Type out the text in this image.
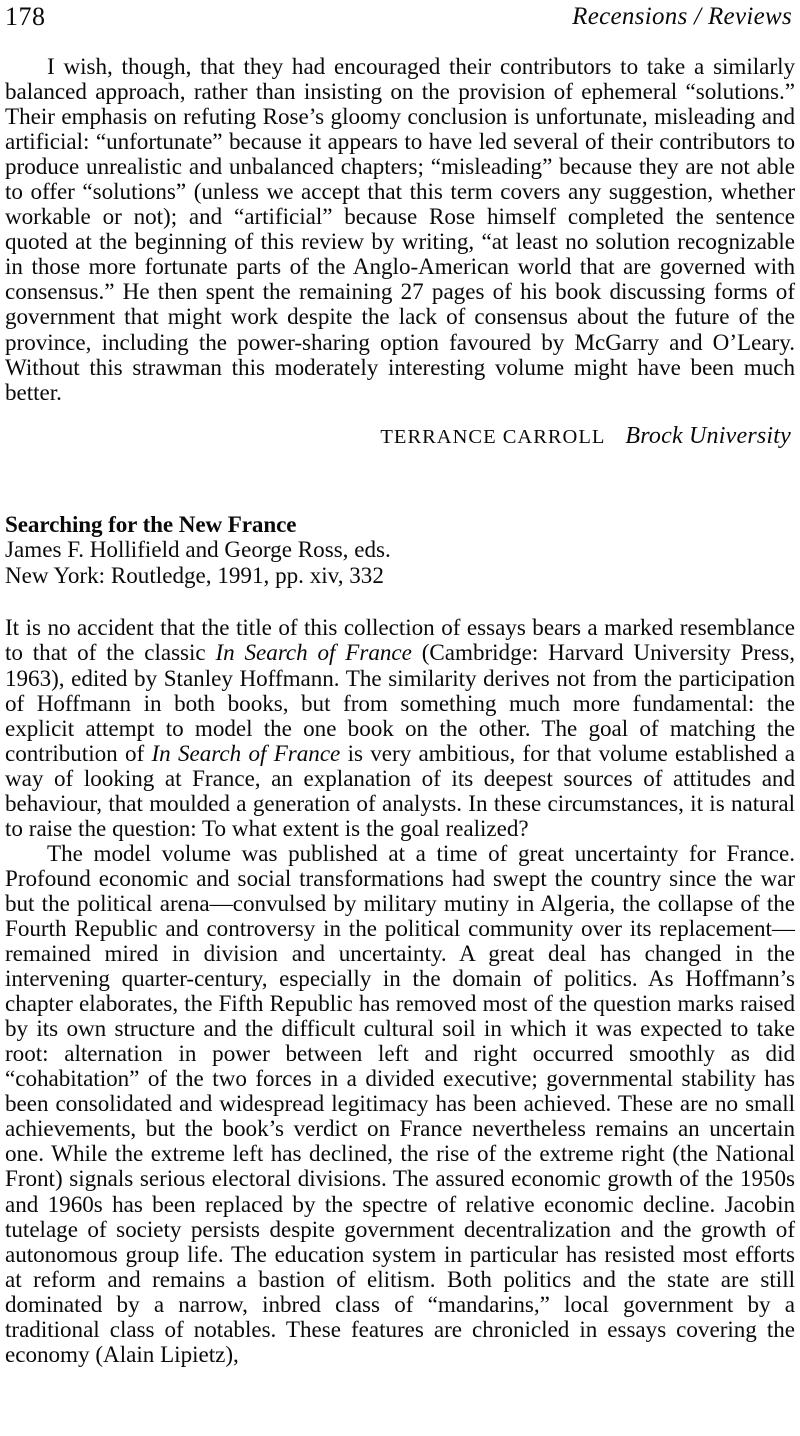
178	Recensions / Reviews

I wish, though, that they had encouraged their contributors to take a similarly balanced approach, rather than insisting on the provision of ephemeral “solutions.” Their emphasis on refuting Rose’s gloomy conclusion is unfortunate, misleading and artificial: “unfortunate” because it appears to have led several of their contributors to produce unrealistic and unbalanced chapters; “misleading” because they are not able to offer “solutions” (unless we accept that this term covers any suggestion, whether workable or not); and “artificial” because Rose himself completed the sentence quoted at the beginning of this review by writing, “at least no solution recognizable in those more fortunate parts of the Anglo-American world that are governed with consensus.” He then spent the remaining 27 pages of his book discussing forms of government that might work despite the lack of consensus about the future of the province, including the power-sharing option favoured by McGarry and O’Leary. Without this strawman this moderately interesting volume might have been much better.

TERRANCE CARROLL Brock University
Searching for the New France
James F. Hollifield and George Ross, eds.
New York: Routledge, 1991, pp. xiv, 332

It is no accident that the title of this collection of essays bears a marked resemblance to that of the classic In Search of France (Cambridge: Harvard University Press, 1963), edited by Stanley Hoffmann. The similarity derives not from the participation of Hoffmann in both books, but from something much more fundamental: the explicit attempt to model the one book on the other. The goal of matching the contribution of In Search of France is very ambitious, for that volume established a way of looking at France, an explanation of its deepest sources of attitudes and behaviour, that moulded a generation of analysts. In these circumstances, it is natural to raise the question: To what extent is the goal realized?

The model volume was published at a time of great uncertainty for France. Profound economic and social transformations had swept the country since the war but the political arena—convulsed by military mutiny in Algeria, the collapse of the Fourth Republic and controversy in the political community over its replacement—remained mired in division and uncertainty. A great deal has changed in the intervening quarter-century, especially in the domain of politics. As Hoffmann’s chapter elaborates, the Fifth Republic has removed most of the question marks raised by its own structure and the difficult cultural soil in which it was expected to take root: alternation in power between left and right occurred smoothly as did “cohabitation” of the two forces in a divided executive; governmental stability has been consolidated and widespread legitimacy has been achieved. These are no small achievements, but the book’s verdict on France nevertheless remains an uncertain one. While the extreme left has declined, the rise of the extreme right (the National Front) signals serious electoral divisions. The assured economic growth of the 1950s and 1960s has been replaced by the spectre of relative economic decline. Jacobin tutelage of society persists despite government decentralization and the growth of autonomous group life. The education system in particular has resisted most efforts at reform and remains a bastion of elitism. Both politics and the state are still dominated by a narrow, inbred class of “mandarins,” local government by a traditional class of notables. These features are chronicled in essays covering the economy (Alain Lipietz),
